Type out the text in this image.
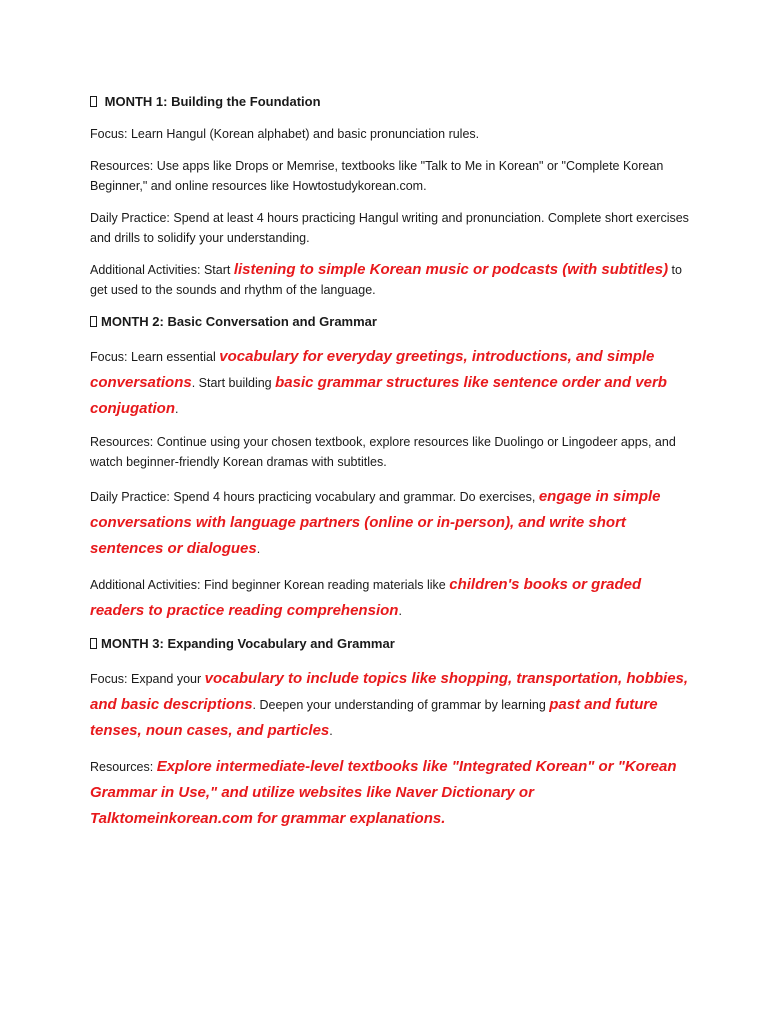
MONTH 1: Building the Foundation

Focus: Learn Hangul (Korean alphabet) and basic pronunciation rules.

Resources: Use apps like Drops or Memrise, textbooks like "Talk to Me in Korean" or "Complete Korean Beginner," and online resources like Howtostudykorean.com.

Daily Practice: Spend at least 4 hours practicing Hangul writing and pronunciation. Complete short exercises and drills to solidify your understanding.

Additional Activities: Start listening to simple Korean music or podcasts (with subtitles) to get used to the sounds and rhythm of the language.

MONTH 2: Basic Conversation and Grammar

Focus: Learn essential vocabulary for everyday greetings, introductions, and simple conversations. Start building basic grammar structures like sentence order and verb conjugation.

Resources: Continue using your chosen textbook, explore resources like Duolingo or Lingodeer apps, and watch beginner-friendly Korean dramas with subtitles.

Daily Practice: Spend 4 hours practicing vocabulary and grammar. Do exercises, engage in simple conversations with language partners (online or in-person), and write short sentences or dialogues.

Additional Activities: Find beginner Korean reading materials like children's books or graded readers to practice reading comprehension.

MONTH 3: Expanding Vocabulary and Grammar

Focus: Expand your vocabulary to include topics like shopping, transportation, hobbies, and basic descriptions. Deepen your understanding of grammar by learning past and future tenses, noun cases, and particles.

Resources: Explore intermediate-level textbooks like "Integrated Korean" or "Korean Grammar in Use," and utilize websites like Naver Dictionary or Talktomeinkorean.com for grammar explanations.
